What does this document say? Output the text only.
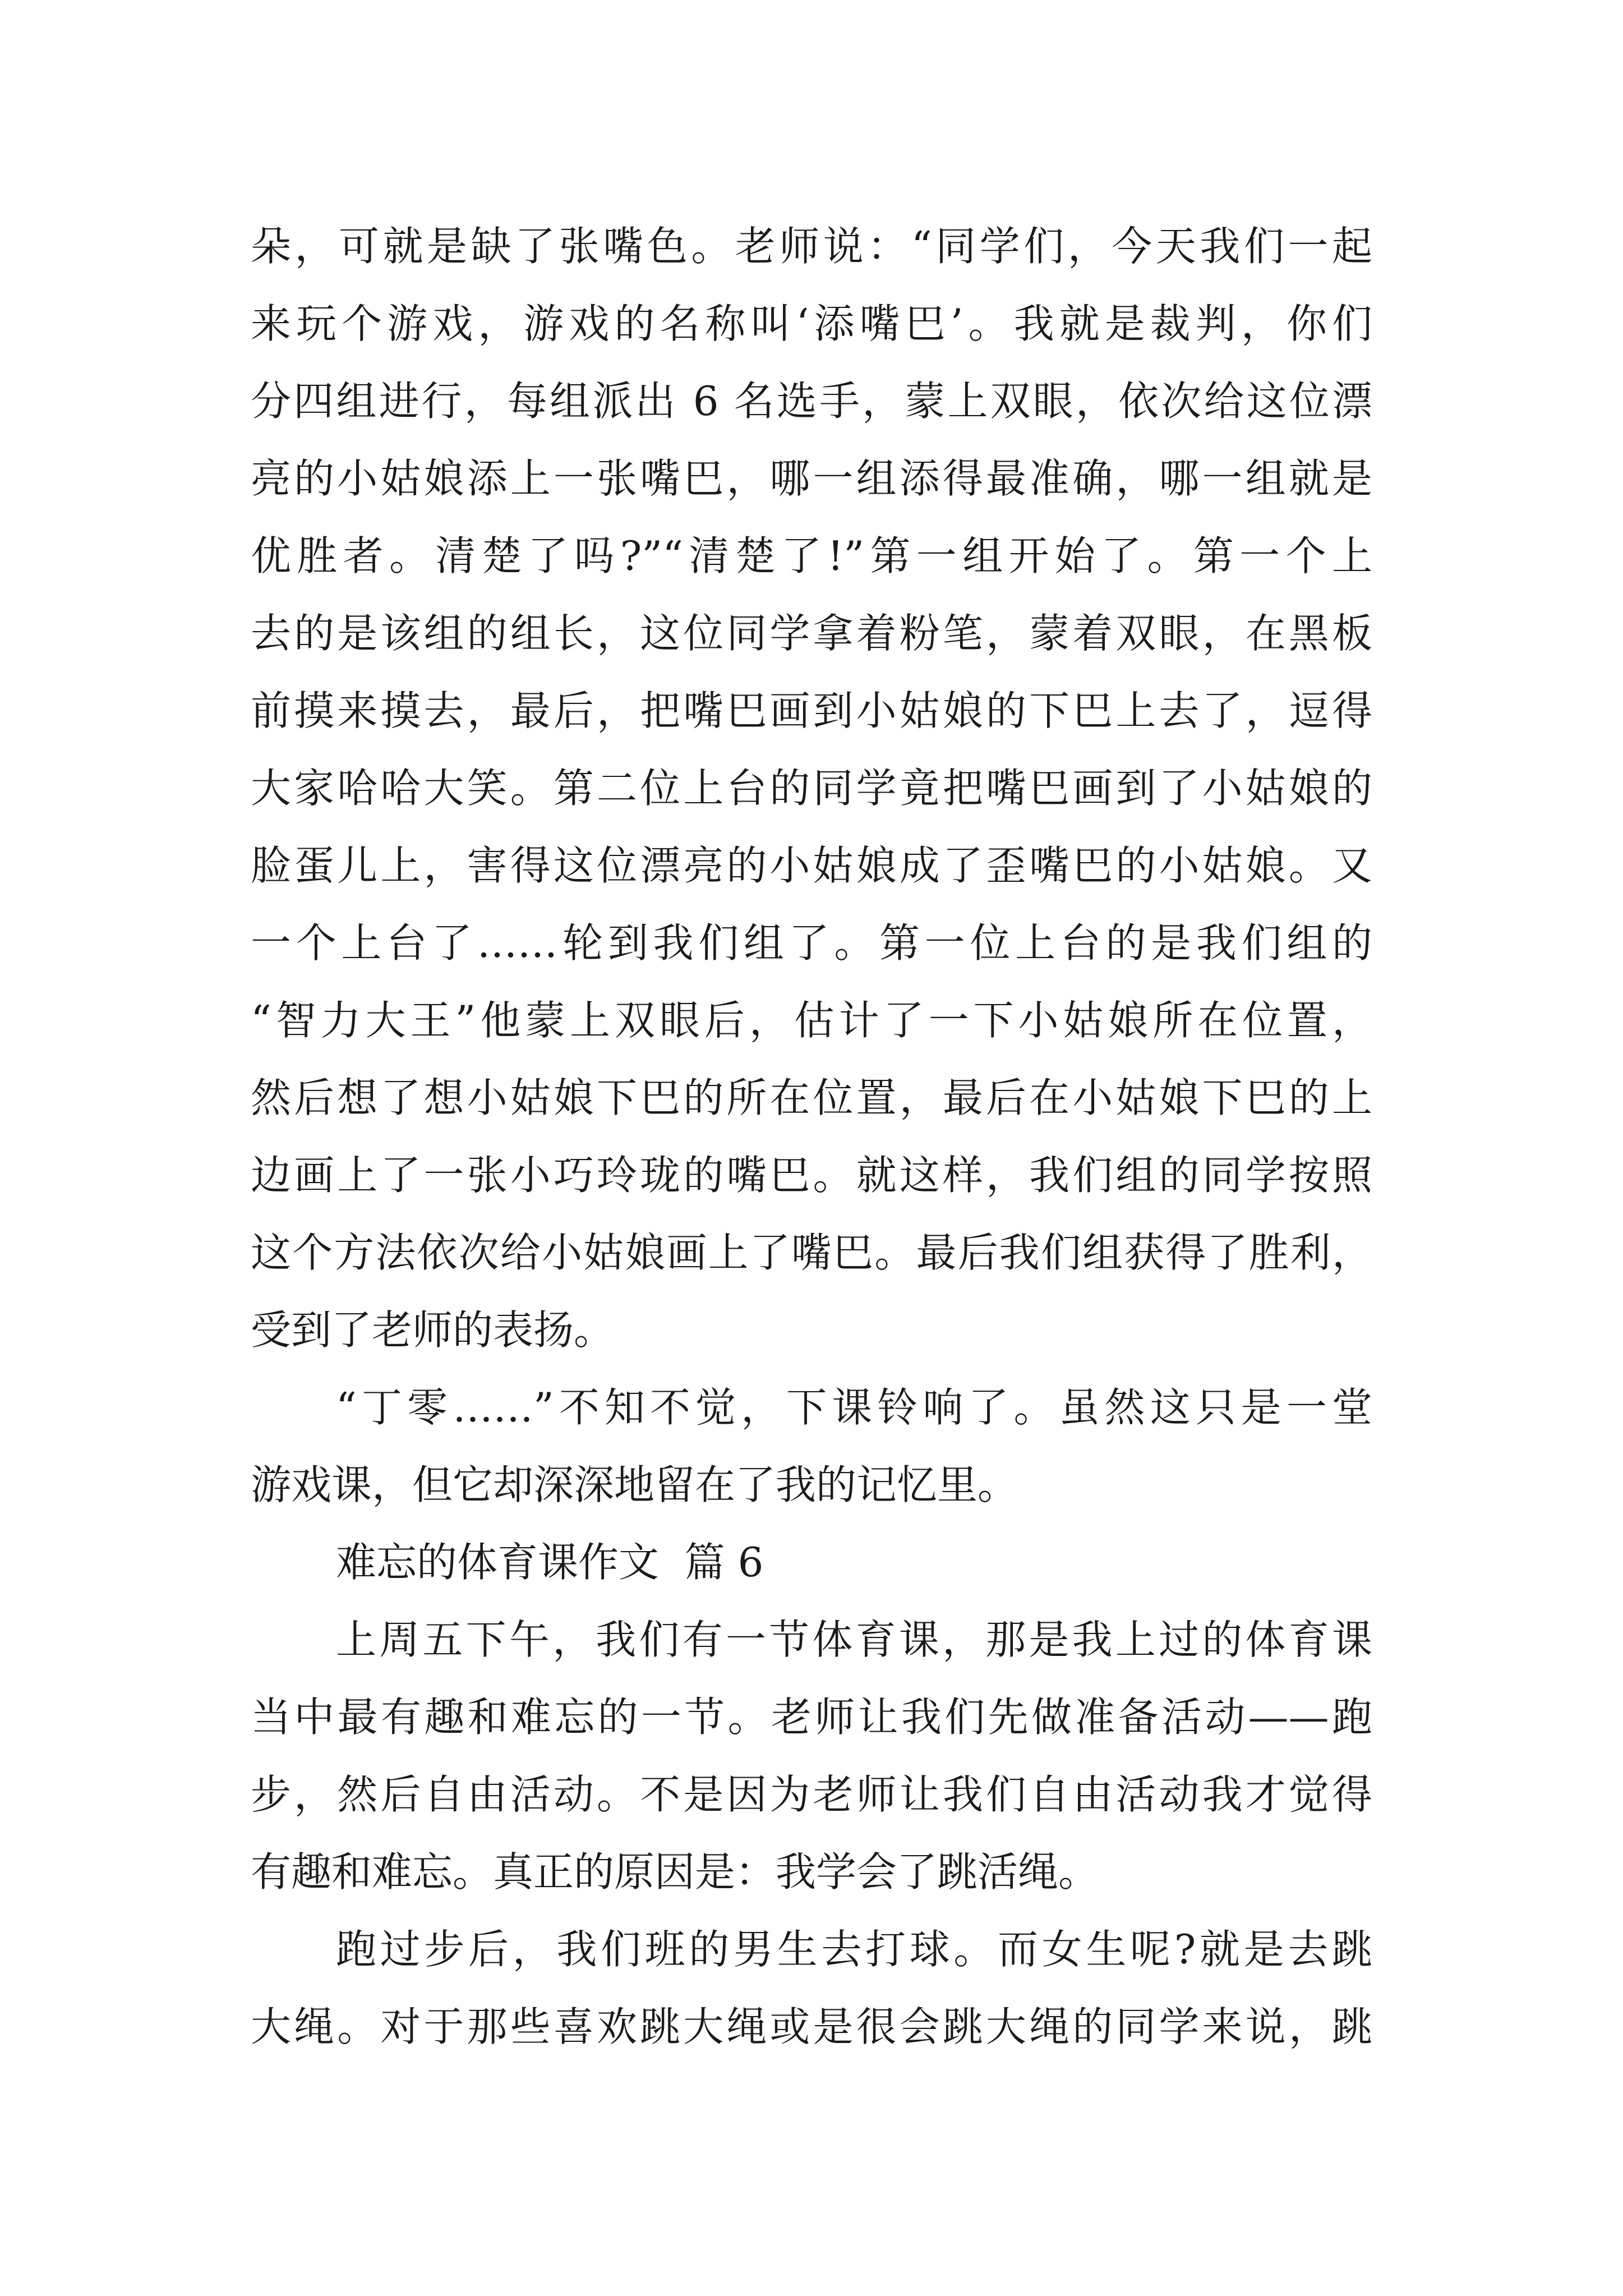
朵，可就是缺了张嘴色。老师说：“同学们，今天我们一起
来玩个游戏，游戏的名称叫‘添嘴巴’。我就是裁判，你们
分四组进行，每组派出 6 名选手，蒙上双眼，依次给这位漂
亮的小姑娘添上一张嘴巴，哪一组添得最准确，哪一组就是
优胜者。清楚了吗?”“清楚了!”第一组开始了。第一个上
去的是该组的组长，这位同学拿着粉笔，蒙着双眼，在黑板
前摸来摸去，最后，把嘴巴画到小姑娘的下巴上去了，逗得
大家哈哈大笑。第二位上台的同学竟把嘴巴画到了小姑娘的
脸蛋儿上，害得这位漂亮的小姑娘成了歪嘴巴的小姑娘。又
一个上台了……轮到我们组了。第一位上台的是我们组的
“智力大王”他蒙上双眼后，估计了一下小姑娘所在位置，
然后想了想小姑娘下巴的所在位置，最后在小姑娘下巴的上
边画上了一张小巧玲珑的嘴巴。就这样，我们组的同学按照
这个方法依次给小姑娘画上了嘴巴。最后我们组获得了胜利，
受到了老师的表扬。
“丁零……”不知不觉，下课铃响了。虽然这只是一堂
游戏课，但它却深深地留在了我的记忆里。
难忘的体育课作文  篇 6
上周五下午，我们有一节体育课，那是我上过的体育课
当中最有趣和难忘的一节。老师让我们先做准备活动——跑
步，然后自由活动。不是因为老师让我们自由活动我才觉得
有趣和难忘。真正的原因是：我学会了跳活绳。
跑过步后，我们班的男生去打球。而女生呢?就是去跳
大绳。对于那些喜欢跳大绳或是很会跳大绳的同学来说，跳
